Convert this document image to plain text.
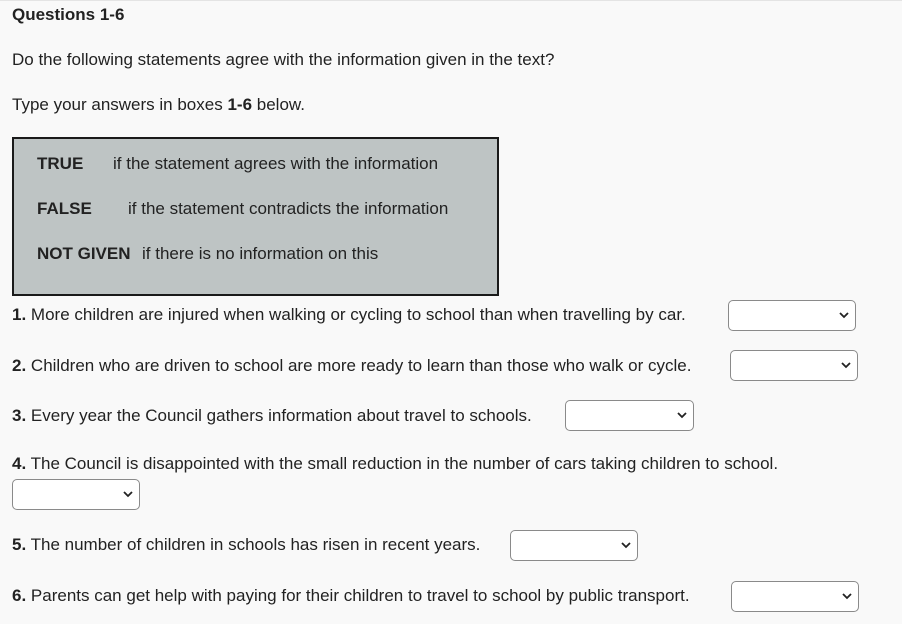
Questions 1-6
Do the following statements agree with the information given in the text?
Type your answers in boxes 1-6 below.
TRUE if the statement agrees with the information
FALSE if the statement contradicts the information
NOT GIVEN if there is no information on this
1. More children are injured when walking or cycling to school than when travelling by car.
2. Children who are driven to school are more ready to learn than those who walk or cycle.
3. Every year the Council gathers information about travel to schools.
4. The Council is disappointed with the small reduction in the number of cars taking children to school.
5. The number of children in schools has risen in recent years.
6. Parents can get help with paying for their children to travel to school by public transport.
